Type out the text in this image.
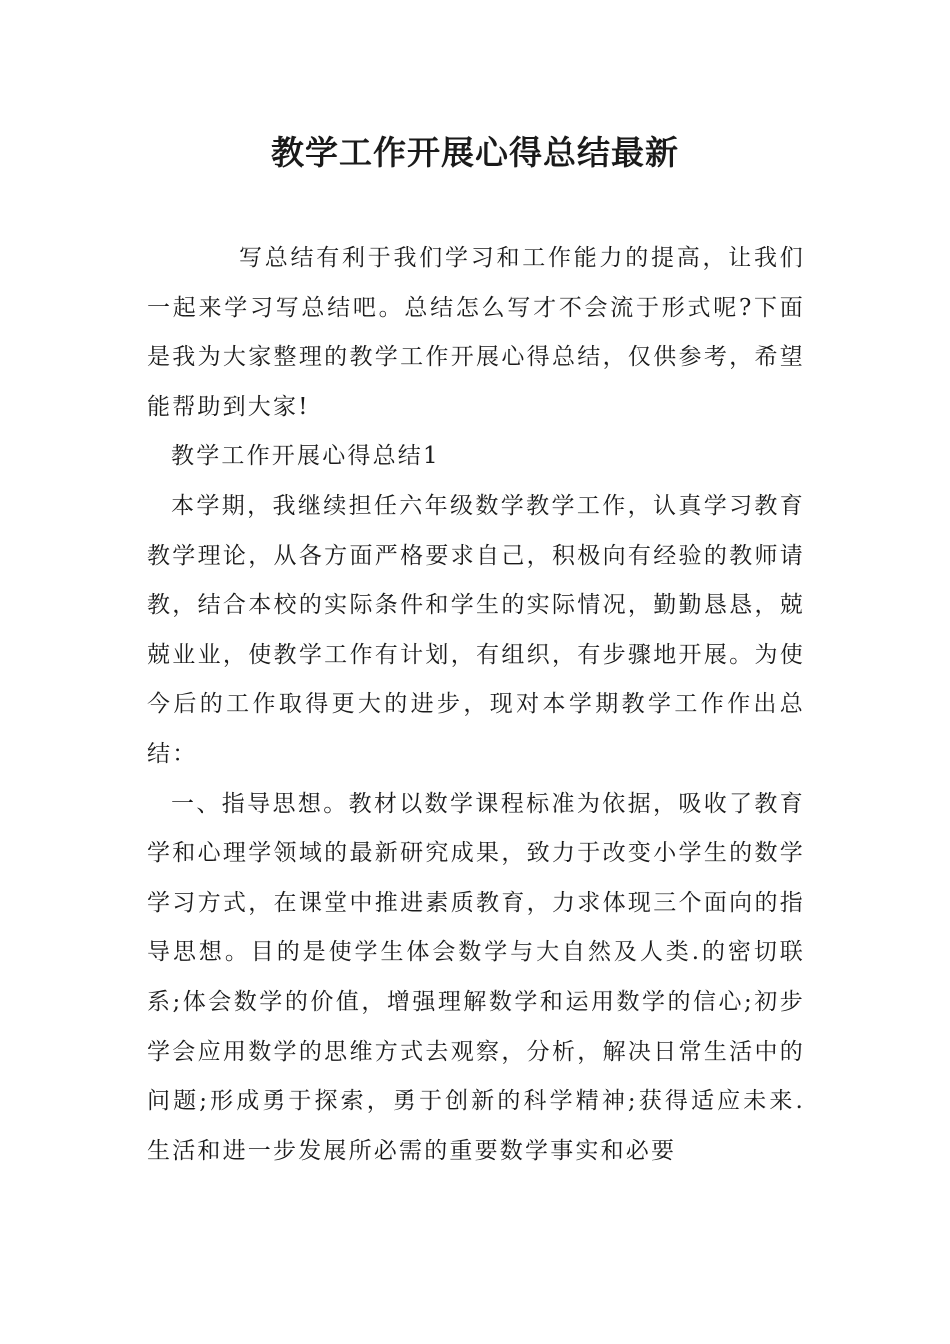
教学工作开展心得总结最新

写总结有利于我们学习和工作能力的提高，让我们一起来学习写总结吧。总结怎么写才不会流于形式呢?下面是我为大家整理的教学工作开展心得总结，仅供参考，希望能帮助到大家!

教学工作开展心得总结1

本学期，我继续担任六年级数学教学工作，认真学习教育教学理论，从各方面严格要求自己，积极向有经验的教师请教，结合本校的实际条件和学生的实际情况，勤勤恳恳，兢兢业业，使教学工作有计划，有组织，有步骤地开展。为使今后的工作取得更大的进步，现对本学期教学工作作出总结：

一、指导思想。教材以数学课程标准为依据，吸收了教育学和心理学领域的最新研究成果，致力于改变小学生的数学学习方式，在课堂中推进素质教育，力求体现三个面向的指导思想。目的是使学生体会数学与大自然及人类.的密切联系;体会数学的价值，增强理解数学和运用数学的信心;初步学会应用数学的思维方式去观察，分析，解决日常生活中的问题;形成勇于探索，勇于创新的科学精神;获得适应未来.生活和进一步发展所必需的重要数学事实和必要
